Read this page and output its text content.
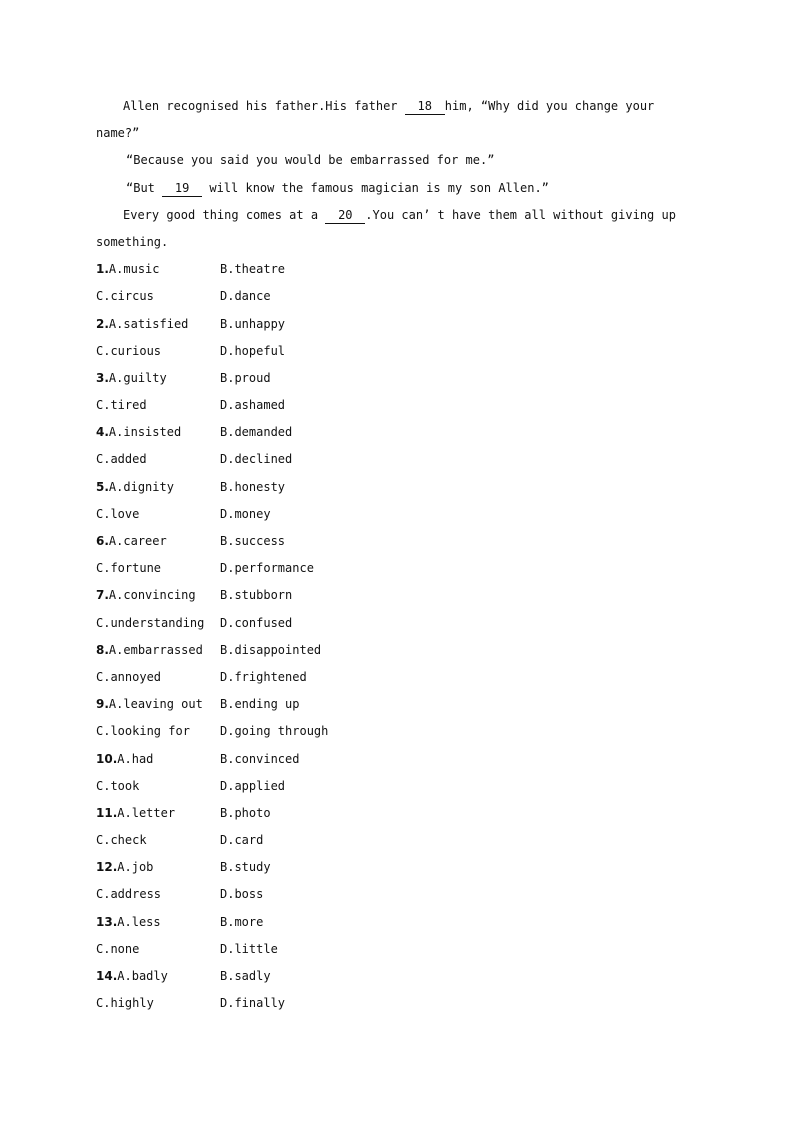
Allen recognised his father.His father 18 him, “Why did you change your
name?”
“Because you said you would be embarrassed for me.”
“But 19 will know the famous magician is my son Allen.”
Every good thing comes at a 20 .You can’ t have them all without giving up
something.
1.A.music	B.theatre
C.circus	D.dance
2.A.satisfied	B.unhappy
C.curious	D.hopeful
3.A.guilty	B.proud
C.tired	D.ashamed
4.A.insisted	B.demanded
C.added	D.declined
5.A.dignity	B.honesty
C.love	D.money
6.A.career	B.success
C.fortune	D.performance
7.A.convincing	B.stubborn
C.understanding	D.confused
8.A.embarrassed	B.disappointed
C.annoyed	D.frightened
9.A.leaving out	B.ending up
C.looking for	D.going through
10.A.had	B.convinced
C.took	D.applied
11.A.letter	B.photo
C.check	D.card
12.A.job	B.study
C.address	D.boss
13.A.less	B.more
C.none	D.little
14.A.badly	B.sadly
C.highly	D.finally
